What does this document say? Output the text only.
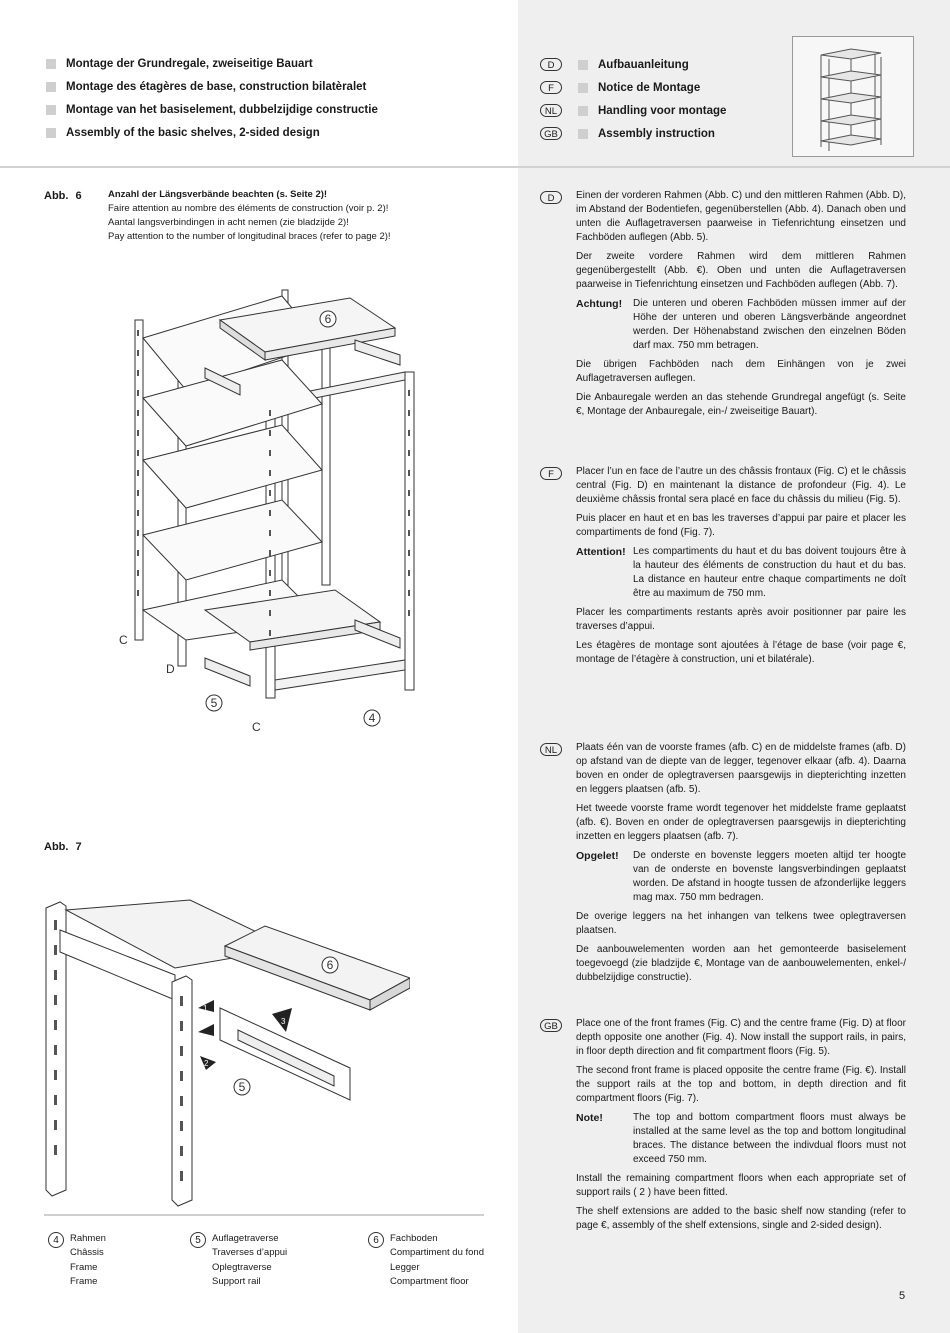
Montage der Grundregale, zweiseitige Bauart
Montage des étagères de base, construction bilatèralet
Montage van het basiselement, dubbelzijdige constructie
Assembly of the basic shelves, 2-sided design
D	Aufbauanleitung
F	Notice de Montage
NL	Handling voor montage
GB	Assembly instruction
Abb. 6	Anzahl der Längsverbände beachten (s. Seite 2)!
Faire attention au nombre des éléments de construction (voir p. 2)!
Aantal langsverbindingen in acht nemen (zie bladzijde 2)!
Pay attention to the number of longitudinal braces (refer to page 2)!
6
5
4
C
D
C
Abb. 7
1
2
3
6
5
D	Einen der vorderen Rahmen (Abb. C) und den mittleren Rahmen (Abb. D), im Abstand der Bodentiefen, gegenüberstellen (Abb. 4). Danach oben und unten die Auflagetraversen paarweise in Tiefenrichtung einsetzen und Fachböden auflegen (Abb. 5).

Der zweite vordere Rahmen wird dem mittleren Rahmen gegenübergestellt (Abb. €). Oben und unten die Auflagetraversen paarweise in Tiefenrichtung einsetzen und Fachböden auflegen (Abb. 7).

Achtung!	Die unteren und oberen Fachböden müssen immer auf der Höhe der unteren und oberen Längsverbände angeordnet werden. Der Höhenabstand zwischen den einzelnen Böden darf max. 750 mm betragen.

Die übrigen Fachböden nach dem Einhängen von je zwei Auflagetraversen auflegen.

Die Anbauregale werden an das stehende Grundregal angefügt (s. Seite €, Montage der Anbauregale, ein-/ zweiseitige Bauart).

F	Placer l’un en face de l’autre un des châssis frontaux (Fig. C) et le châssis central (Fig. D) en maintenant la distance de profondeur (Fig. 4). Le deuxième châssis frontal sera placé en face du châssis du milieu (Fig. 5).

Puis placer en haut et en bas les traverses d’appui par paire et placer les compartiments de fond (Fig. 7).

Attention! Les compartiments du haut et du bas doivent toujours être à la hauteur des éléments de construction du haut et du bas. La distance en hauteur entre chaque compartiments ne doît être au maximum de 750 mm.

Placer les compartiments restants après avoir positionner par paire les traverses d’appui.

Les étagères de montage sont ajoutées à l’étage de base (voir page €, montage de l’étagère à construction, uni et bilatérale).

NL	Plaats één van de voorste frames (afb. C) en de middelste frames (afb. D) op afstand van de diepte van de legger, tegenover elkaar (afb. 4). Daarna boven en onder de oplegtraversen paarsgewijs in diepterichting inzetten en leggers plaatsen (afb. 5).

Het tweede voorste frame wordt tegenover het middelste frame geplaatst (afb. €). Boven en onder de oplegtraversen paarsgewijs in diepterichting inzetten en leggers plaatsen (afb. 7).

Opgelet!	De onderste en bovenste leggers moeten altijd ter hoogte van de onderste en bovenste langsverbindingen geplaatst worden. De afstand in hoogte tussen de afzonderlijke leggers mag max. 750 mm bedragen.

De overige leggers na het inhangen van telkens twee oplegtraversen plaatsen.

De aanbouwelementen worden aan het gemonteerde basiselement toegevoegd (zie bladzijde €, Montage van de aanbouwelementen, enkel-/ dubbelzijdige constructie).

GB	Place one of the front frames (Fig. C) and the centre frame (Fig. D) at floor depth opposite one another (Fig. 4). Now install the support rails, in pairs, in floor depth direction and fit compartment floors (Fig. 5).

The second front frame is placed opposite the centre frame (Fig. €). Install the support rails at the top and bottom, in depth direction and fit compartment floors (Fig. 7).

Note!	The top and bottom compartment floors must always be installed at the same level as the top and bottom longitudinal braces. The distance between the indivdual floors must not exceed 750 mm.

Install the remaining compartment floors when each appropriate set of support rails ( 2 ) have been fitted.

The shelf extensions are added to the basic shelf now standing (refer to page €, assembly of the shelf extensions, single and 2-sided design).

4	Rahmen
Châssis
Frame
Frame
5	Auflagetraverse
Traverses d’appui
Oplegtraverse
Support rail
6	Fachboden
Compartiment du fond
Legger
Compartment floor
5
